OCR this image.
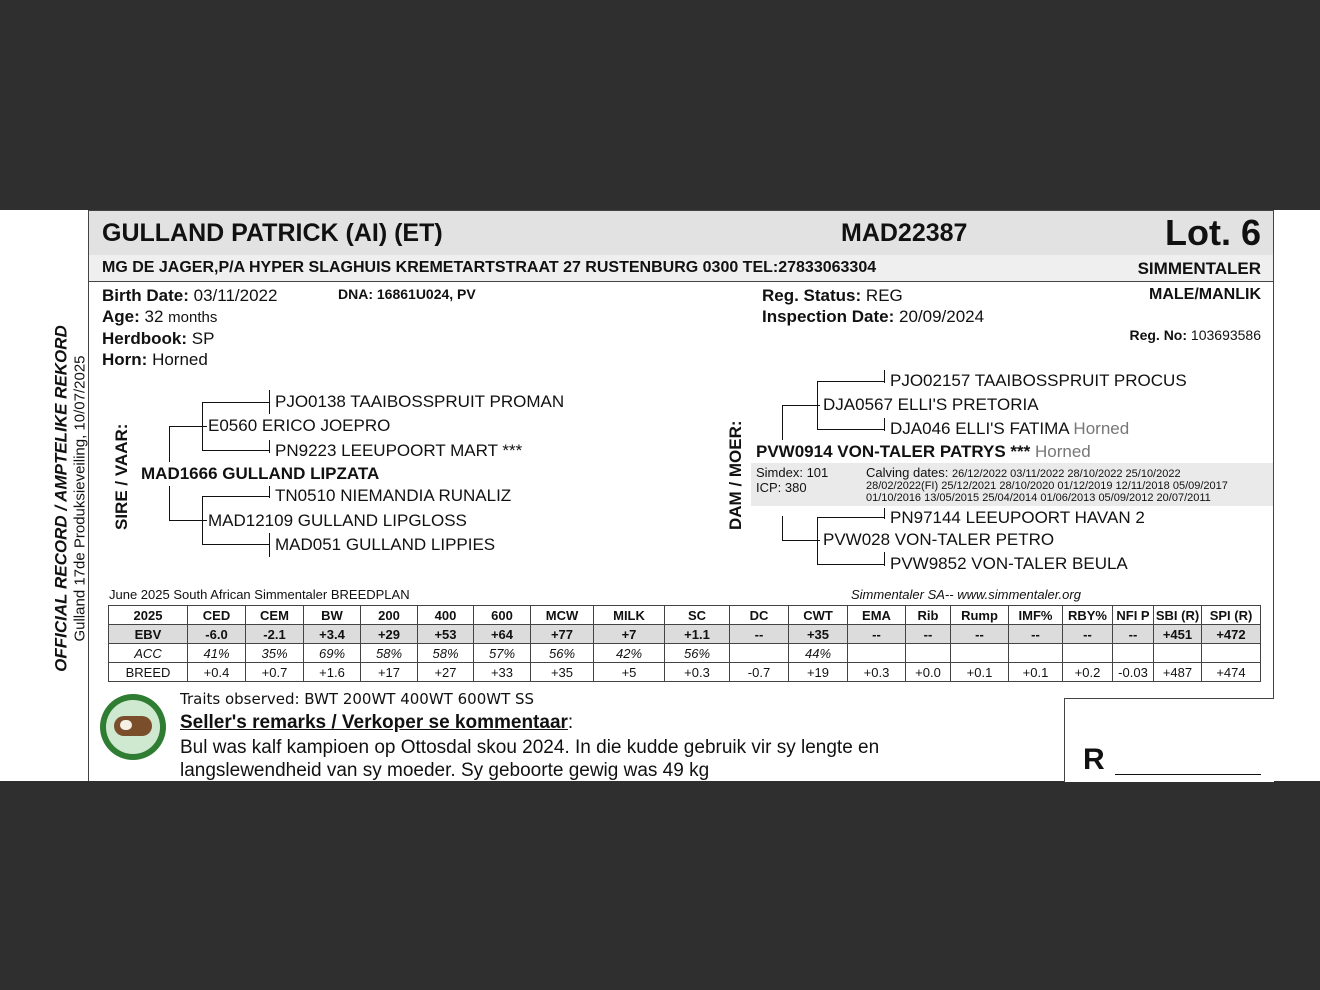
OFFICIAL RECORD / AMPTELIKE REKORD Gulland 17de Produksieveiling, 10/07/2025
GULLAND PATRICK (AI) (ET)	MAD22387	Lot. 6
MG DE JAGER,P/A HYPER SLAGHUIS KREMETARTSTRAAT 27 RUSTENBURG 0300 TEL:27833063304	SIMMENTALER
Birth Date: 03/11/2022
Age: 32 months
Herdbook: SP
Horn: Horned
DNA: 16861U024, PV	Reg. Status: REG
Inspection Date: 20/09/2024
MALE/MANLIK
Reg. No: 103693586
SIRE / VAAR: MAD1666 GULLAND LIPZATA
E0560 ERICO JOEPRO
PJO0138 TAAIBOSSPRUIT PROMAN
PN9223 LEEUPOORT MART ***
MAD12109 GULLAND LIPGLOSS
TN0510 NIEMANDIA RUNALIZ
MAD051 GULLAND LIPPIES
DAM / MOER:
PJO02157 TAAIBOSSPRUIT PROCUS
DJA0567 ELLI'S PRETORIA
DJA046 ELLI'S FATIMA Horned
PVW0914 VON-TALER PATRYS *** Horned
Simdex: 101
ICP: 380
Calving dates: 26/12/2022 03/11/2022 28/10/2022 25/10/2022
28/02/2022(FI) 25/12/2021 28/10/2020 01/12/2019 12/11/2018 05/09/2017
01/10/2016 13/05/2015 25/04/2014 01/06/2013 05/09/2012 20/07/2011
PN97144 LEEUPOORT HAVAN 2
PVW028 VON-TALER PETRO
PVW9852 VON-TALER BEULA
June 2025 South African Simmentaler BREEDPLAN	Simmentaler SA-- www.simmentaler.org
2025	CED	CEM	BW	200	400	600	MCW	MILK	SC	DC	CWT	EMA	Rib	Rump	IMF%	RBY%	NFI P	SBI (R)	SPI (R)
EBV	-6.0	-2.1	+3.4	+29	+53	+64	+77	+7	+1.1	--	+35	--	--	--	--	--	--	+451	+472
ACC	41%	35%	69%	58%	58%	57%	56%	42%	56%		44%								
BREED	+0.4	+0.7	+1.6	+17	+27	+33	+35	+5	+0.3	-0.7	+19	+0.3	+0.0	+0.1	+0.1	+0.2	-0.03	+487	+474
Traits observed: BWT 200WT 400WT 600WT SS
Seller's remarks / Verkoper se kommentaar:
Bul was kalf kampioen op Ottosdal skou 2024. In die kudde gebruik vir sy lengte en
langslewendheid van sy moeder. Sy geboorte gewig was 49 kg	R
